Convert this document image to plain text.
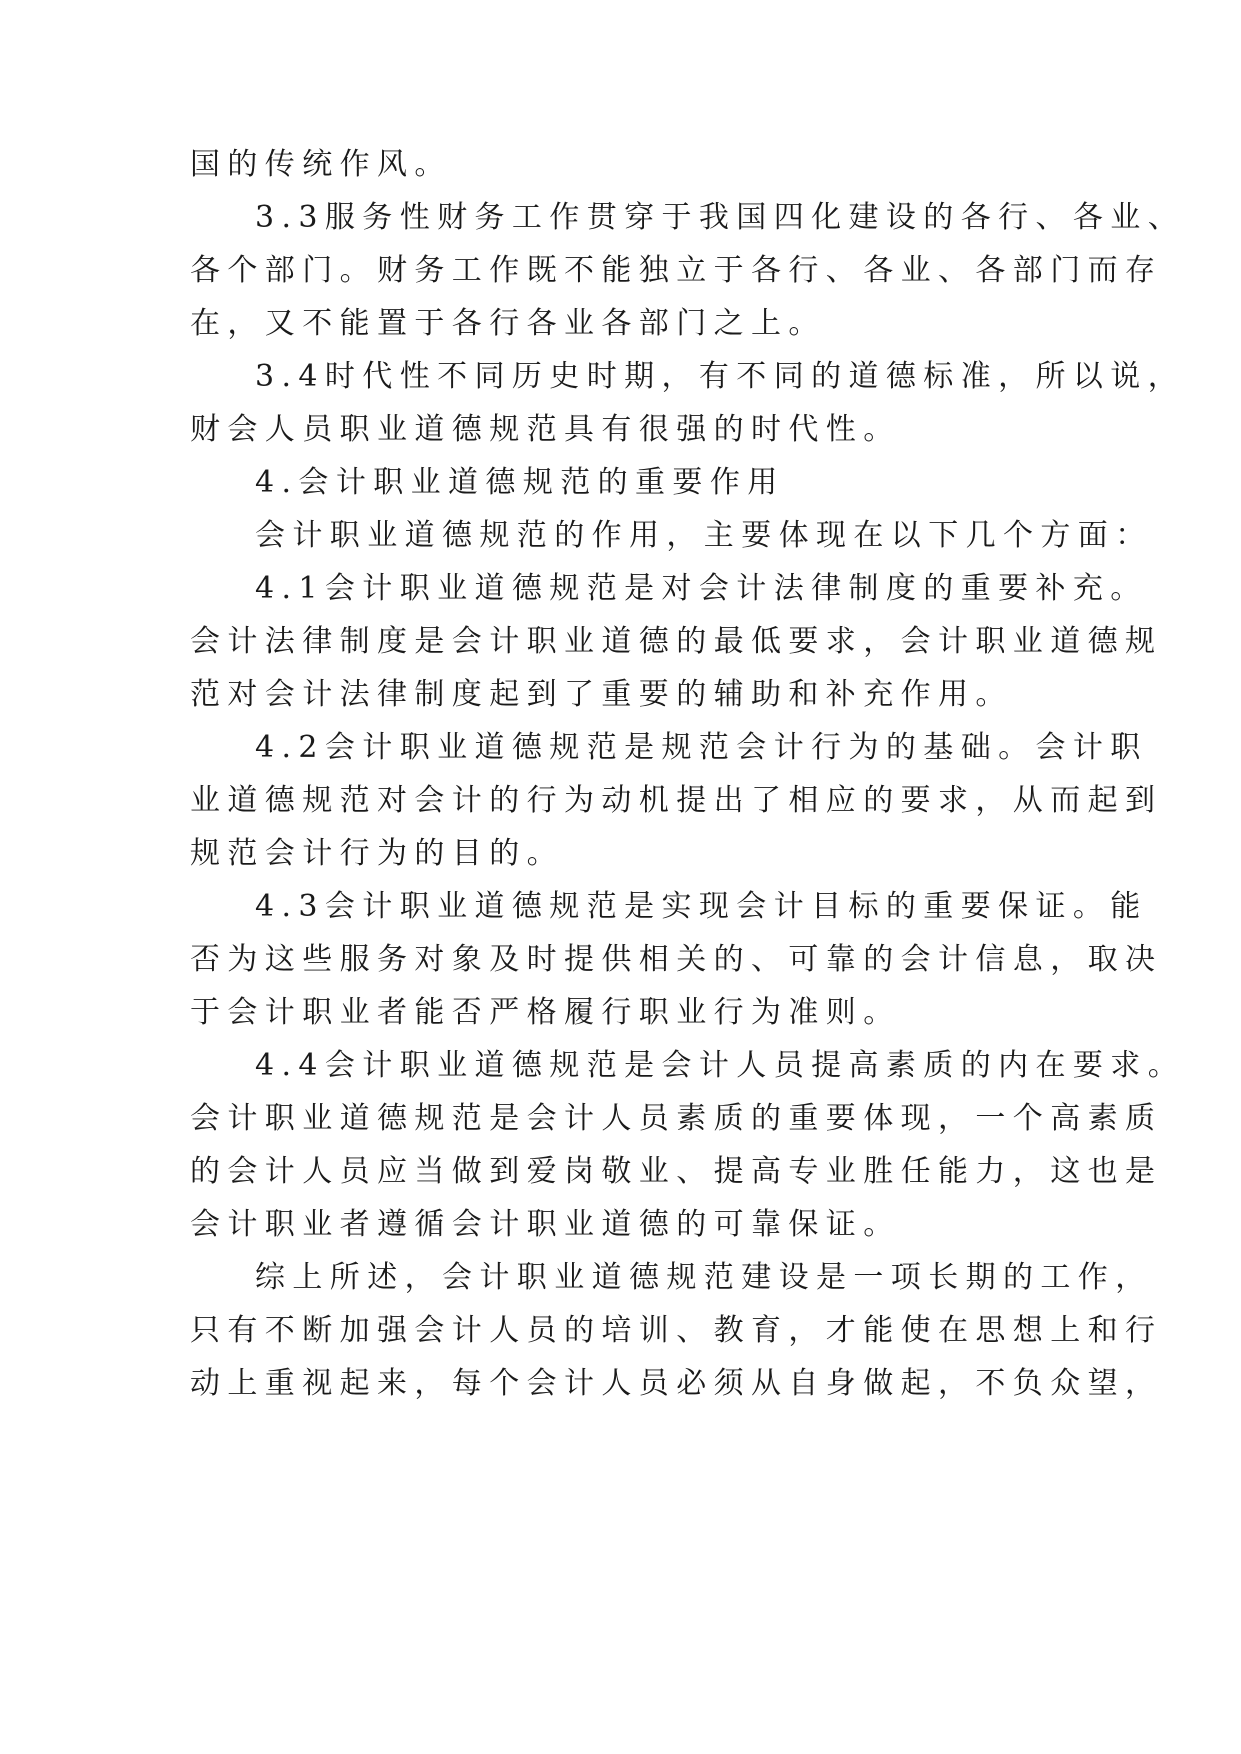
国的传统作风。
3.3服务性财务工作贯穿于我国四化建设的各行、各业、
各个部门。财务工作既不能独立于各行、各业、各部门而存
在，又不能置于各行各业各部门之上。
3.4时代性不同历史时期，有不同的道德标准，所以说，
财会人员职业道德规范具有很强的时代性。
4.会计职业道德规范的重要作用
会计职业道德规范的作用，主要体现在以下几个方面：
4.1会计职业道德规范是对会计法律制度的重要补充。
会计法律制度是会计职业道德的最低要求，会计职业道德规
范对会计法律制度起到了重要的辅助和补充作用。
4.2会计职业道德规范是规范会计行为的基础。会计职
业道德规范对会计的行为动机提出了相应的要求，从而起到
规范会计行为的目的。
4.3会计职业道德规范是实现会计目标的重要保证。能
否为这些服务对象及时提供相关的、可靠的会计信息，取决
于会计职业者能否严格履行职业行为准则。
4.4会计职业道德规范是会计人员提高素质的内在要求。
会计职业道德规范是会计人员素质的重要体现，一个高素质
的会计人员应当做到爱岗敬业、提高专业胜任能力，这也是
会计职业者遵循会计职业道德的可靠保证。
综上所述，会计职业道德规范建设是一项长期的工作，
只有不断加强会计人员的培训、教育，才能使在思想上和行
动上重视起来，每个会计人员必须从自身做起，不负众望，
